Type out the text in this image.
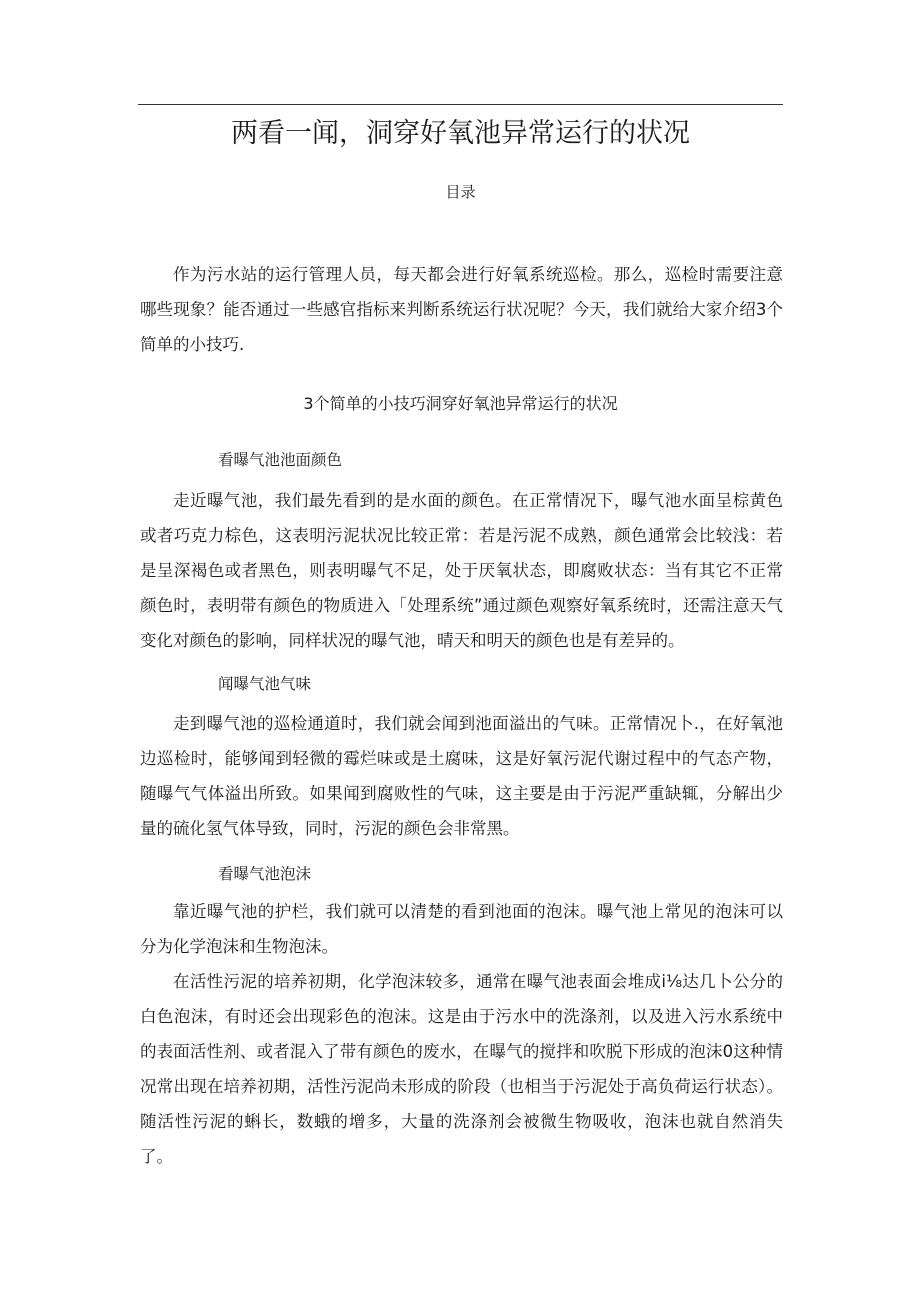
两看一闻，洞穿好氧池异常运行的状况
目录

作为污水站的运行管理人员，每天都会进行好氧系统巡检。那么，巡检时需要注意哪些现象？能否通过一些感官指标来判断系统运行状况呢？今天，我们就给大家介绍3个简单的小技巧.

3个简单的小技巧洞穿好氧池异常运行的状况
看曝气池池面颜色

走近曝气池，我们最先看到的是水面的颜色。在正常情况下，曝气池水面呈棕黄色或者巧克力棕色，这表明污泥状况比较正常：若是污泥不成熟，颜色通常会比较浅：若是呈深褐色或者黑色，则表明曝气不足，处于厌氧状态，即腐败状态：当有其它不正常颜色时，表明带有颜色的物质进入「处理系统”通过颜色观察好氧系统时，还需注意天气变化对颜色的影响，同样状况的曝气池，晴天和明天的颜色也是有差异的。

闻曝气池气味

走到曝气池的巡检通道时，我们就会闻到池面溢出的气味。正常情况卜.，在好氧池边巡检时，能够闻到轻微的霉烂味或是土腐味，这是好氧污泥代谢过程中的气态产物，随曝气气体溢出所致。如果闻到腐败性的气味，这主要是由于污泥严重缺辄，分解出少量的硫化氢气体导致，同时，污泥的颜色会非常黑。

看曝气池泡沫

靠近曝气池的护栏，我们就可以清楚的看到池面的泡沫。曝气池上常见的泡沫可以分为化学泡沫和生物泡沫。

在活性污泥的培养初期，化学泡沫较多，通常在曝气池表面会堆成i⅛达几卜公分的白色泡沫，有时还会出现彩色的泡沫。这是由于污水中的洗涤剂，以及进入污水系统中的表面活性剂、或者混入了带有颜色的废水，在曝气的搅拌和吹脱下形成的泡沫0这种情况常出现在培养初期，活性污泥尚未形成的阶段（也相当于污泥处于高负荷运行状态）。随活性污泥的蝌长，数蛾的增多，大量的洗涤剂会被微生物吸收，泡沫也就自然消失了。
